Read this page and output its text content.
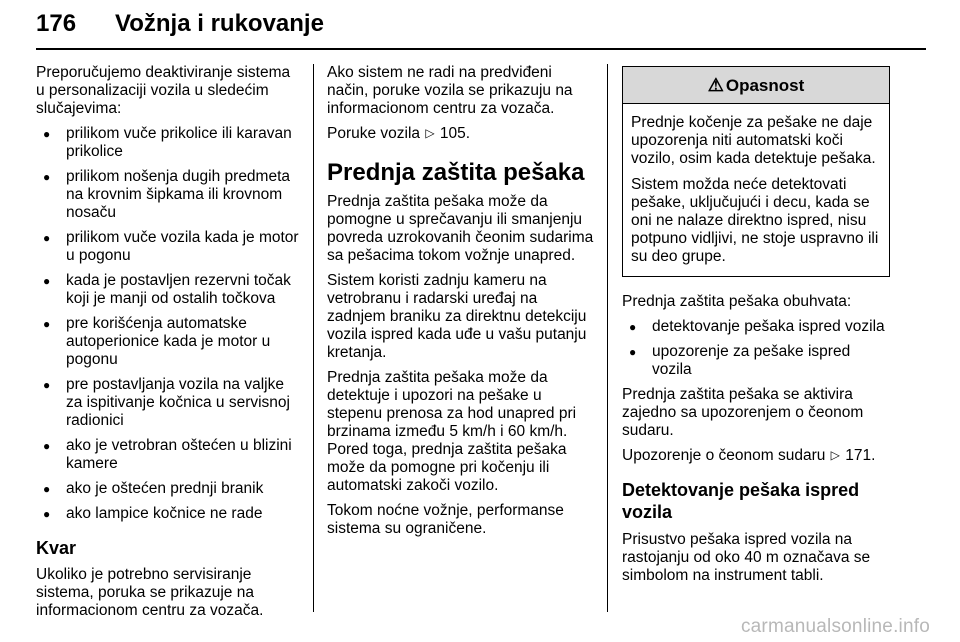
176 Vožnja i rukovanje

Preporučujemo deaktiviranje sistema u personalizaciji vozila u sledećim slučajevima:

● prilikom vuče prikolice ili karavan prikolice
● prilikom nošenja dugih predmeta na krovnim šipkama ili krovnom nosaču
● prilikom vuče vozila kada je motor u pogonu
● kada je postavljen rezervni točak koji je manji od ostalih točkova
● pre korišćenja automatske autoperionice kada je motor u pogonu
● pre postavljanja vozila na valjke za ispitivanje kočnica u servisnoj radionici
● ako je vetrobran oštećen u blizini kamere
● ako je oštećen prednji branik
● ako lampice kočnice ne rade
Kvar

Ukoliko je potrebno servisiranje sistema, poruka se prikazuje na informacionom centru za vozača.

Ako sistem ne radi na predviđeni način, poruke vozila se prikazuju na informacionom centru za vozača.

Poruke vozila ▷ 105.

Prednja zaštita pešaka

Prednja zaštita pešaka može da pomogne u sprečavanju ili smanjenju povreda uzrokovanih čeonim sudarima sa pešacima tokom vožnje unapred.

Sistem koristi zadnju kameru na vetrobranu i radarski uređaj na zadnjem braniku za direktnu detekciju vozila ispred kada uđe u vašu putanju kretanja.

Prednja zaštita pešaka može da detektuje i upozori na pešake u stepenu prenosa za hod unapred pri brzinama između 5 km/h i 60 km/h. Pored toga, prednja zaštita pešaka može da pomogne pri kočenju ili automatski zakoči vozilo.

Tokom noćne vožnje, performanse sistema su ograničene.

⚠ Opasnost

Prednje kočenje za pešake ne daje upozorenja niti automatski koči vozilo, osim kada detektuje pešaka.

Sistem možda neće detektovati pešake, uključujući i decu, kada se oni ne nalaze direktno ispred, nisu potpuno vidljivi, ne stoje uspravno ili su deo grupe.

Prednja zaštita pešaka obuhvata:

● detektovanje pešaka ispred vozila
● upozorenje za pešake ispred vozila

Prednja zaštita pešaka se aktivira zajedno sa upozorenjem o čeonom sudaru.

Upozorenje o čeonom sudaru ▷ 171.

Detektovanje pešaka ispred vozila

Prisustvo pešaka ispred vozila na rastojanju od oko 40 m označava se simbolom na instrument tabli.

carmanualsonline.info
